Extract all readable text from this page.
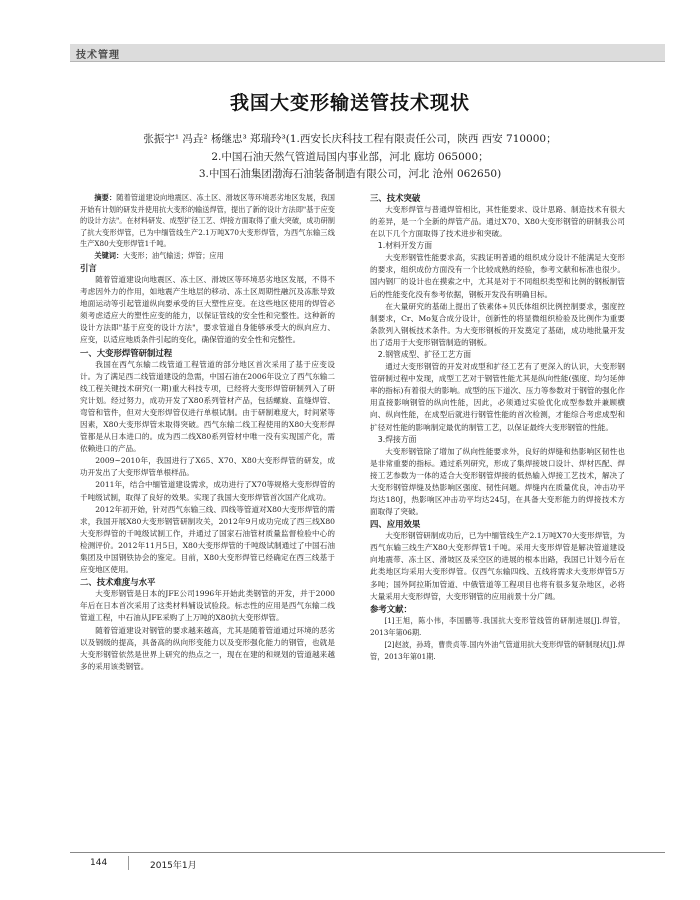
技术管理
我国大变形输送管技术现状
张振宇¹ 冯垚² 杨继忠³ 郑瑞玲³(1.西安长庆科技工程有限责任公司，陕西 西安 710000；
2.中国石油天然气管道局国内事业部，河北 廊坊 065000；
3.中国石油集团渤海石油装备制造有限公司，河北 沧州 062650)

摘要：随着管道建设向地震区、冻土区、滑坡区等环境恶劣地区发展，我国开始有计划的研发并使用抗大变形的输送焊管，提出了新的设计方法即"基于应变的设计方法"。在材料研发、成型扩径工艺、焊接方面取得了重大突破，成功研制了抗大变形焊管，已为中缅管线生产2.1万吨X70大变形焊管，为西气东输三线生产X80大变形焊管1千吨。

关键词：大变形；油气输送；焊管；应用

引言

随着管道建设向地震区、冻土区、滑坡区等环境恶劣地区发展，不得不考虑因外力的作用，如地震产生地层的移动、冻土区周期性融沉及冻胀导致地面运动等引起管道纵向要承受的巨大塑性应变。在这些地区使用的焊管必须考虑适应大的塑性应变的能力，以保证管线的安全性和完整性。这种新的设计方法即"基于应变的设计方法"，要求管道自身能够承受大的纵向应力、应变，以适应地质条件引起的变化，确保管道的安全性和完整性。

一、大变形焊管研制过程

我国在西气东输二线管道工程管道的部分地区首次采用了基于应变设计。为了满足西二线管道建设的急需，中国石油在2006年设立了西气东输二线工程关键技术研究(一期)重大科技专项，已经将大变形焊管研制列入了研究计划。经过努力，成功开发了X80系列管材产品，包括螺旋、直缝焊管、弯管和管件，但对大变形焊管仅进行单根试制。由于研制难度大，时间紧等因素，X80大变形焊管未取得突破。西气东输二线工程使用的X80大变形焊管都是从日本进口的。成为西二线X80系列管材中唯一没有实现国产化，需依赖进口的产品。

2009~2010年，我国进行了X65、X70、X80大变形焊管的研发，成功开发出了大变形焊管单根样品。

2011年，结合中缅管道建设需求，成功进行了X70等规格大变形焊管的千吨级试制，取得了良好的效果。实现了我国大变形焊管首次国产化成功。

2012年初开始，针对西气东输三线、四线等管道对X80大变形焊管的需求，我国开展X80大变形钢管研制攻关，2012年9月成功完成了西三线X80大变形焊管的千吨级试制工作，并通过了国家石油管材质量监督检验中心的检测评价。2012年11月5日，X80大变形焊管的千吨级试制通过了中国石油集团及中国钢铁协会的鉴定。目前，X80大变形焊管已经确定在西三线基于应变地区使用。

二、技术难度与水平

大变形钢管是日本的JFE公司1996年开始此类钢管的开发，并于2000年后在日本首次采用了这类材料辅设试验段。标志性的应用是西气东输二线管道工程，中石油从JFE采购了上万吨的X80抗大变形焊管。

随着管道建设对钢管的要求越来越高，尤其是随着管道通过环境的恶劣以及钢级的提高，具备高的纵向形变能力以及变形强化能力的钢管，也就是大变形钢管依然是世界上研究的热点之一，现在在建的和规划的管道越来越多的采用该类钢管。

三、技术突破

大变形焊管与普通焊管相比，其性能要求、设计思路、制造技术有很大的差异，是一个全新的焊管产品。通过X70、X80大变形钢管的研制我公司在以下几个方面取得了技术进步和突破。

1.材料开发方面

大变形钢管性能要求高，实践证明普通的组织成分设计不能满足大变形的要求，组织成份方面没有一个比较成熟的经验，参考文献和标准也很少。国内钢厂的设计也在摸索之中，尤其是对于不同组织类型和比例的钢板制管后的性能变化没有参考依据，钢板开发没有明确目标。

在大量研究的基础上提出了铁素体+贝氏体组织比例控制要求，强度控制要求，Cr、Mo复合成分设计，创新性的将显微组织检验及比例作为重要条款列入钢板技术条件。为大变形钢板的开发奠定了基础，成功地批量开发出了适用于大变形钢管制造的钢板。

2.钢管成型、扩径工艺方面

通过大变形钢管的开发对成型和扩径工艺有了更深入的认识，大变形钢管研制过程中发现，成型工艺对于钢管性能尤其是纵向性能(强度、均匀延伸率的指标)有着很大的影响。成型的压下道次、压力等参数对于钢管的强化作用直接影响钢管的纵向性能，因此，必须通过实验优化成型参数并兼顾横向、纵向性能，在成型后就进行钢管性能的首次检测，才能综合考虑成型和扩径对性能的影响制定最优的制管工艺，以保证最终大变形钢管的性能。

3.焊接方面

大变形钢管除了增加了纵向性能要求外，良好的焊缝和热影响区韧性也是非常重要的指标。通过系列研究，形成了集焊接坡口设计、焊材匹配、焊接工艺参数为一体的适合大变形钢管焊接的低热输入焊接工艺技术，解决了大变形钢管焊缝及热影响区强度、韧性问题。焊缝内在质量优良，冲击功平均达180J，热影响区冲击功平均达245J，在具备大变形能力的焊接技术方面取得了突破。

四、应用效果

大变形钢管研制成功后，已为中缅管线生产2.1万吨X70大变形焊管，为西气东输三线生产X80大变形焊管1千吨。采用大变形焊管是解决管道建设向地震带、冻土区、滑坡区及采空区的进展的根本出路，我国已计划今后在此类地区均采用大变形焊管。仅西气东输四线、五线将需求大变形焊管5万多吨；国外阿拉斯加管道、中俄管道等工程项目也将有很多复杂地区，必将大量采用大变形焊管，大变形钢管的应用前景十分广阔。

参考文献：

[1]王旭，陈小伟，李国鹏等.我国抗大变形管线管的研制进展[J].焊管，2013年第06期.

[2]赵波，孙琦，曹贵贞等.国内外油气管道用抗大变形焊管的研制现状[J].焊管，2013年第01期.

144	2015年1月
